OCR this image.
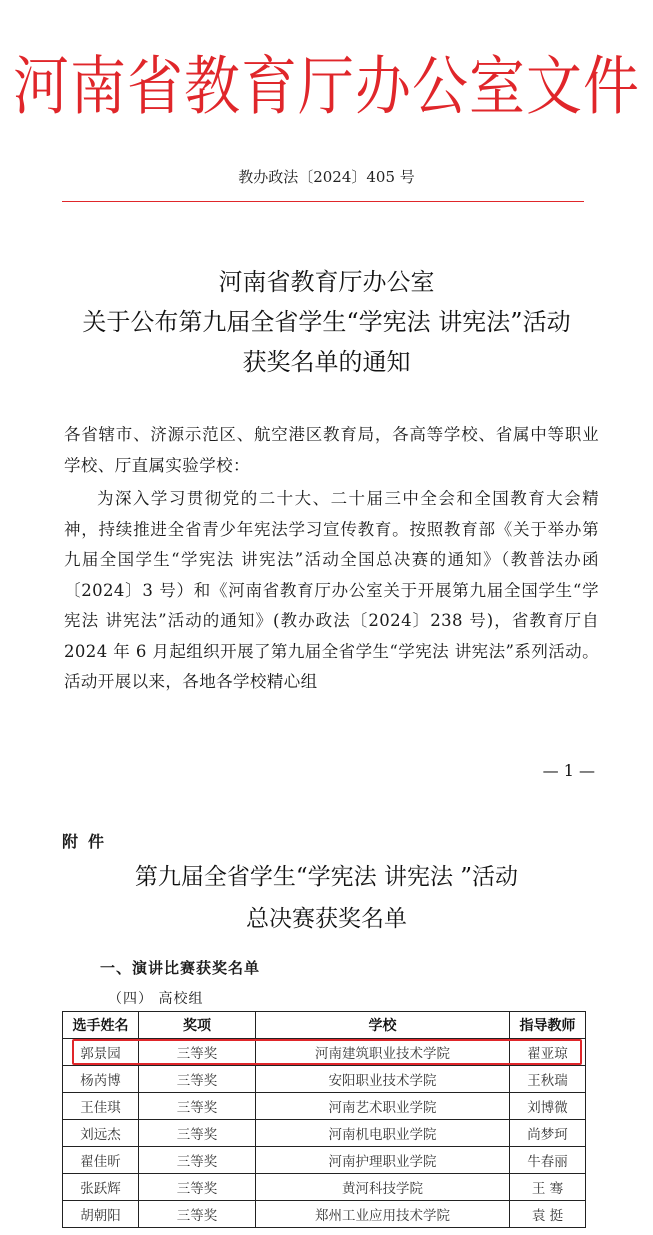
河南省教育厅办公室文件
教办政法〔2024〕405 号
河南省教育厅办公室
关于公布第九届全省学生“学宪法 讲宪法”活动
获奖名单的通知
各省辖市、济源示范区、航空港区教育局，各高等学校、省属中等职业学校、厅直属实验学校：
为深入学习贯彻党的二十大、二十届三中全会和全国教育大会精神，持续推进全省青少年宪法学习宣传教育。按照教育部《关于举办第九届全国学生“学宪法 讲宪法”活动全国总决赛的通知》（教普法办函〔2024〕3 号）和《河南省教育厅办公室关于开展第九届全国学生“学宪法 讲宪法”活动的通知》(教办政法〔2024〕238 号)，省教育厅自 2024 年 6 月起组织开展了第九届全省学生“学宪法 讲宪法”系列活动。活动开展以来，各地各学校精心组
— 1 —
附件
第九届全省学生“学宪法 讲宪法 ”活动
总决赛获奖名单
一、演讲比赛获奖名单
（四） 高校组
选手姓名	奖项	学校	指导教师
郭景园	三等奖	河南建筑职业技术学院	翟亚琼
杨芮博	三等奖	安阳职业技术学院	王秋瑞
王佳琪	三等奖	河南艺术职业学院	刘博微
刘远杰	三等奖	河南机电职业学院	尚梦珂
翟佳昕	三等奖	河南护理职业学院	牛春丽
张跃辉	三等奖	黄河科技学院	王 骞
胡朝阳	三等奖	郑州工业应用技术学院	袁 挺
